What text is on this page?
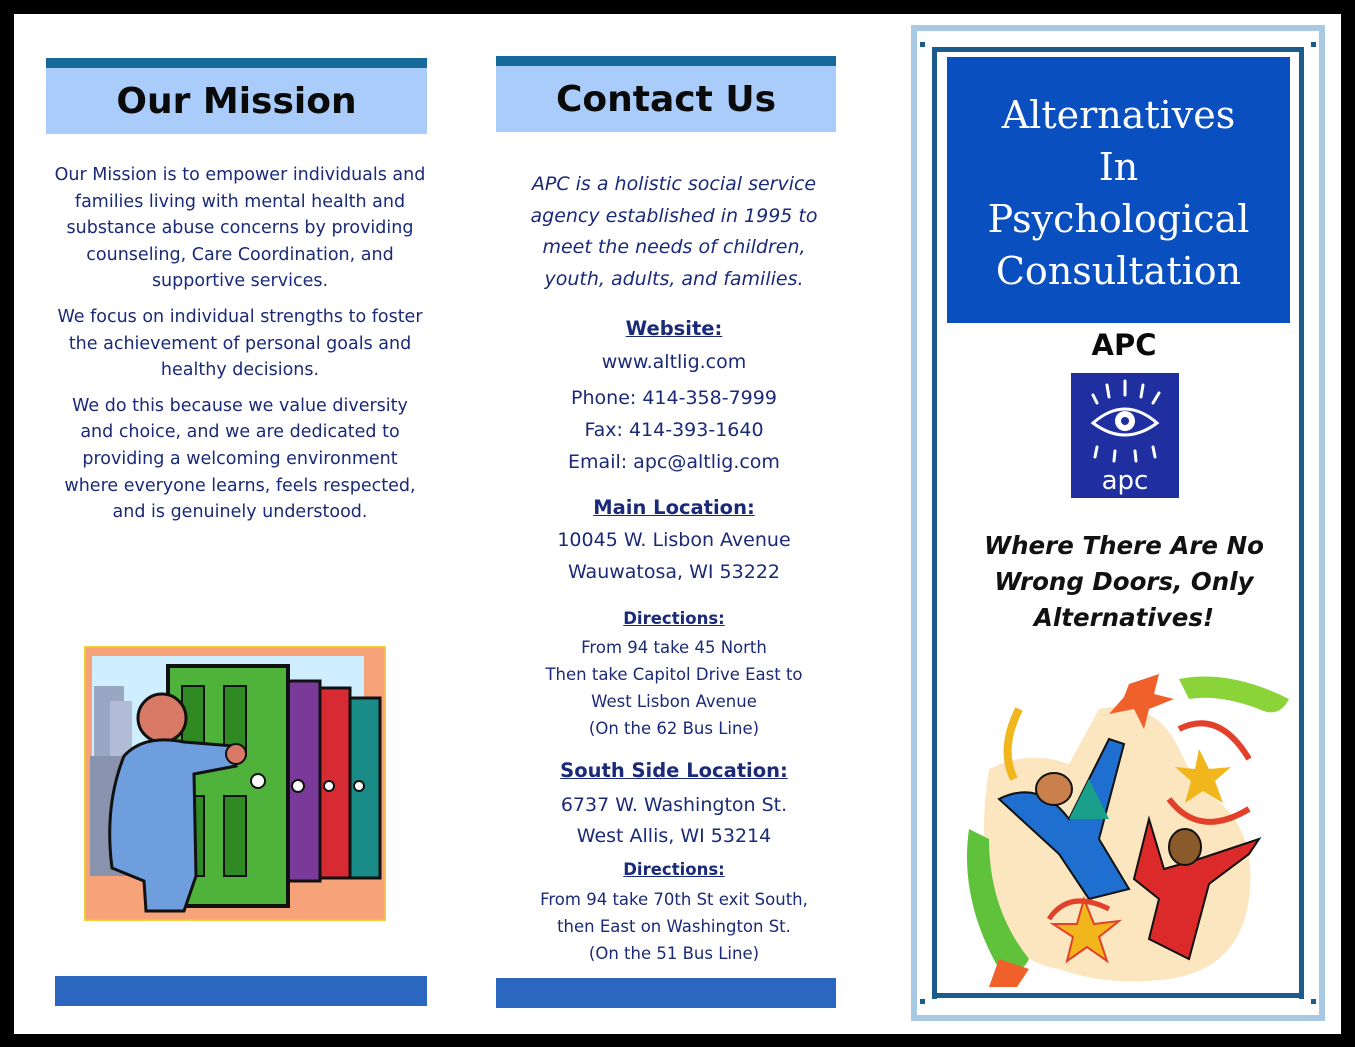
Our Mission

Our Mission is to empower individuals and families living with mental health and substance abuse concerns by providing counseling, Care Coordination, and supportive services.

We focus on individual strengths to foster the achievement of personal goals and healthy decisions.

We do this because we value diversity and choice, and we are dedicated to providing a welcoming environment where everyone learns, feels respected, and is genuinely understood.

Contact Us
APC is a holistic social service
agency established in 1995 to
meet the needs of children,
youth, adults, and families.
Website:
www.altlig.com
Phone: 414-358-7999
Fax: 414-393-1640
Email: apc@altlig.com
Main Location:
10045 W. Lisbon Avenue
Wauwatosa, WI 53222
Directions:
From 94 take 45 North
Then take Capitol Drive East to
West Lisbon Avenue
(On the 62 Bus Line)
South Side Location:
6737 W. Washington St.
West Allis, WI 53214
Directions:
From 94 take 70th St exit South,
then East on Washington St.
(On the 51 Bus Line)
Alternatives
In
Psychological
Consultation
APC
apc
Where There Are No
Wrong Doors, Only
Alternatives!
